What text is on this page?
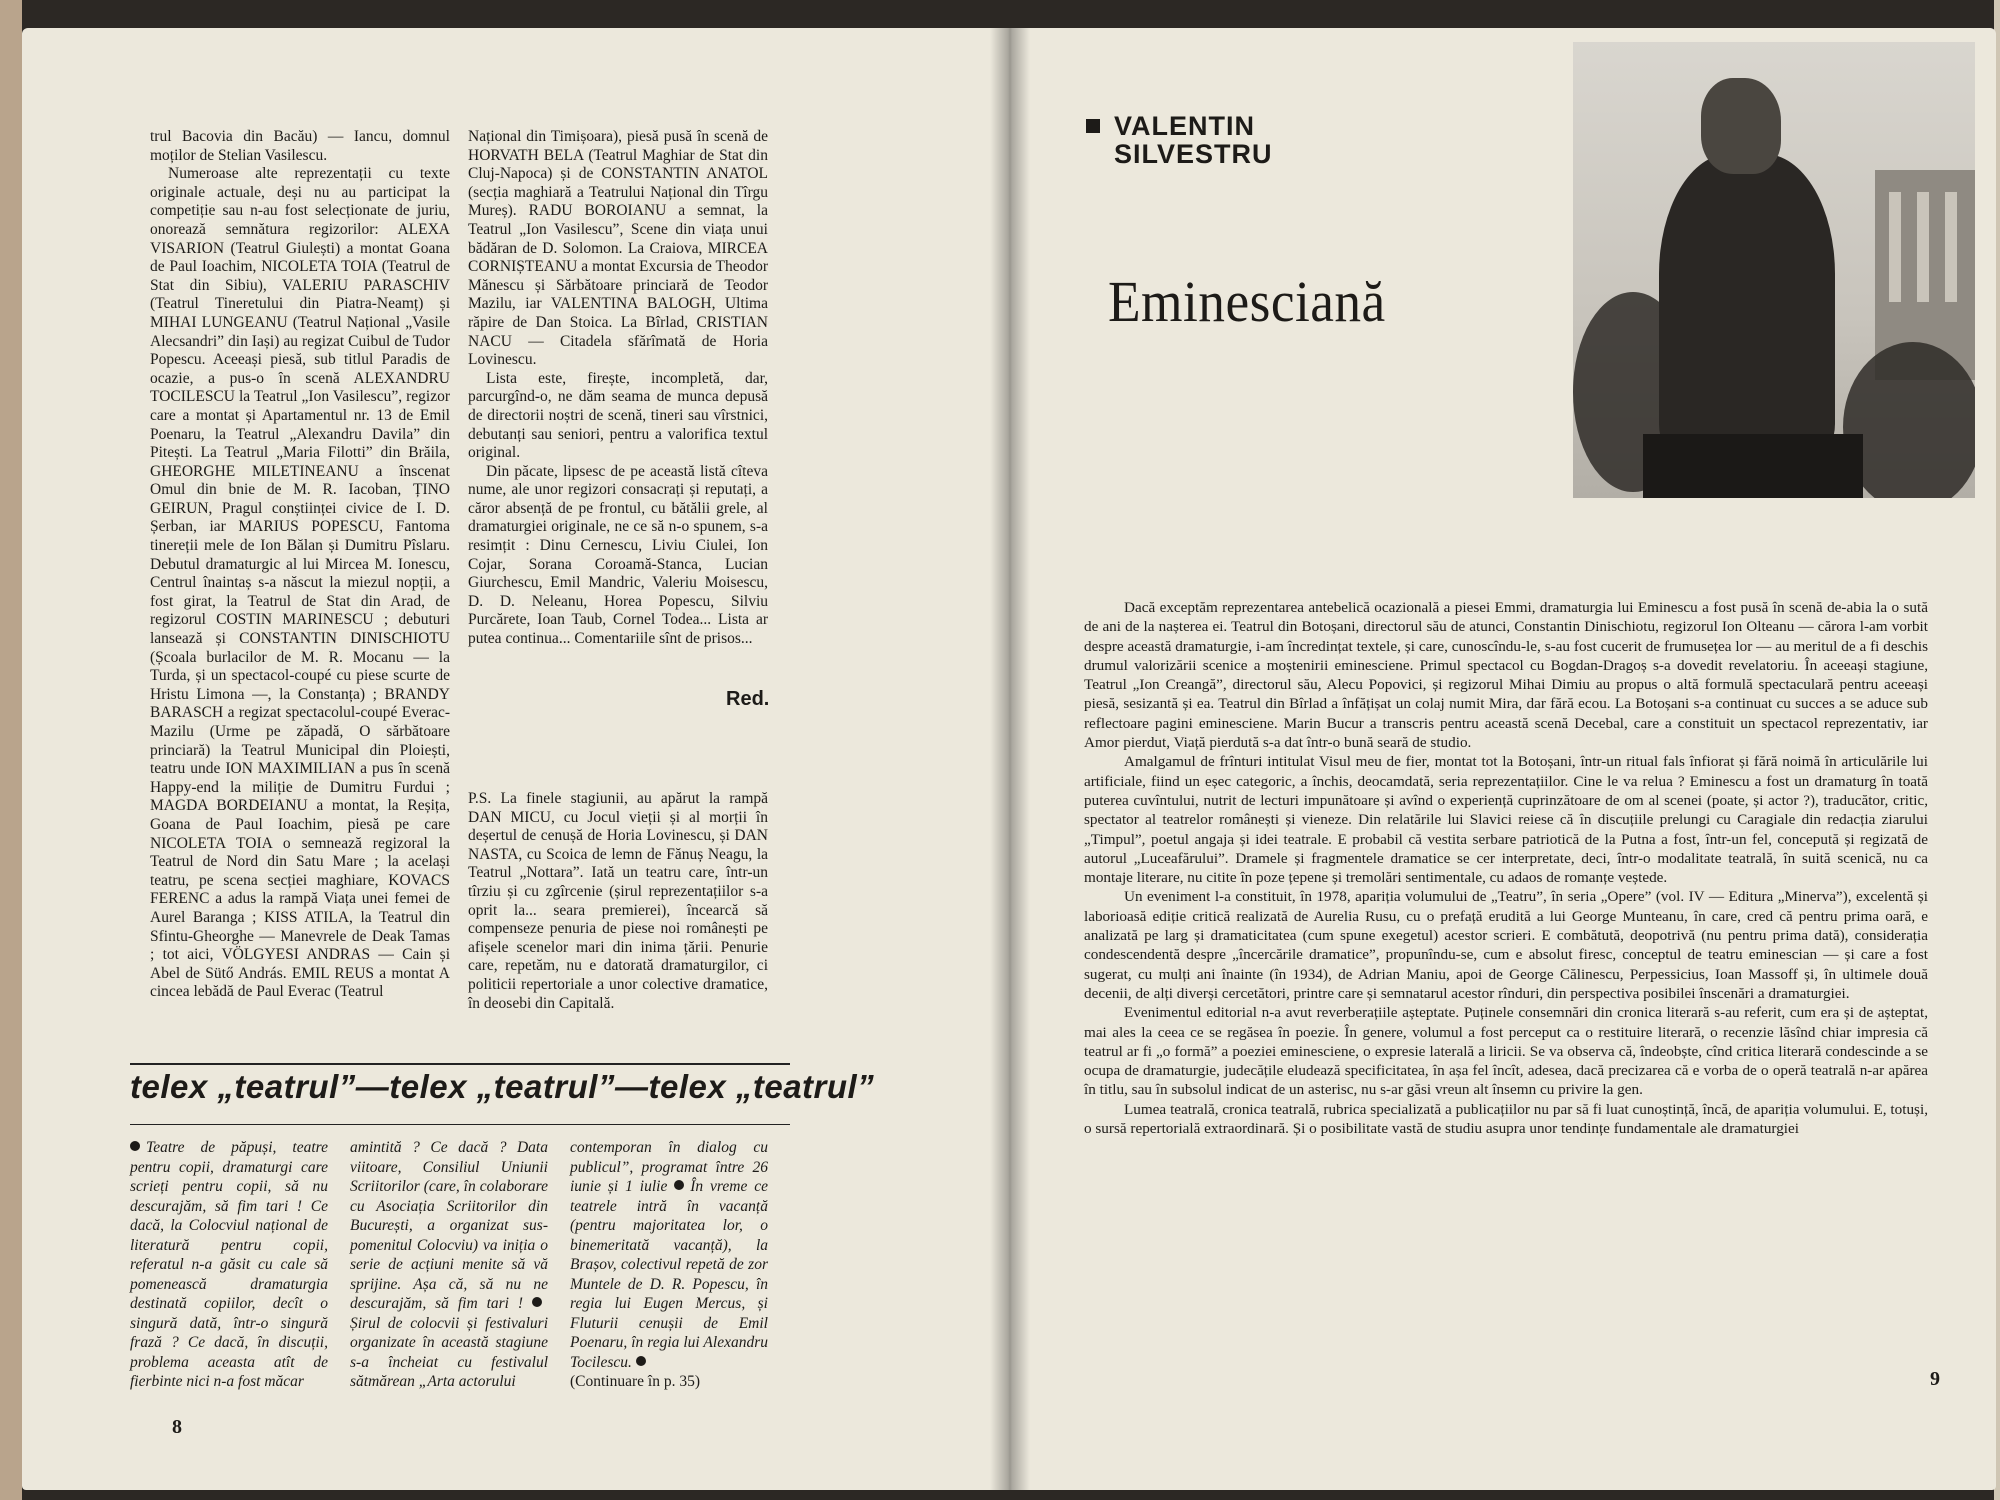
trul Bacovia din Bacău) — Iancu, domnul moților de Stelian Vasilescu.

Numeroase alte reprezentații cu texte originale actuale, deși nu au participat la competiție sau n-au fost selecționate de juriu, onorează semnătura regizorilor: ALEXA VISARION (Teatrul Giulești) a montat Goana de Paul Ioachim, NICOLETA TOIA (Teatrul de Stat din Sibiu), VALERIU PARASCHIV (Teatrul Tineretului din Piatra-Neamț) și MIHAI LUNGEANU (Teatrul Național „Vasile Alecsandri” din Iași) au regizat Cuibul de Tudor Popescu. Aceeași piesă, sub titlul Paradis de ocazie, a pus-o în scenă ALEXANDRU TOCILESCU la Teatrul „Ion Vasilescu”, regizor care a montat și Apartamentul nr. 13 de Emil Poenaru, la Teatrul „Alexandru Davila” din Pitești. La Teatrul „Maria Filotti” din Brăila, GHEORGHE MILETINEANU a înscenat Omul din bnie de M. R. Iacoban, ȚINO GEIRUN, Pragul conștiinței civice de I. D. Șerban, iar MARIUS POPESCU, Fantoma tinereții mele de Ion Bălan și Dumitru Pîslaru. Debutul dramaturgic al lui Mircea M. Ionescu, Centrul înaintaș s-a născut la miezul nopții, a fost girat, la Teatrul de Stat din Arad, de regizorul COSTIN MARINESCU ; debuturi lansează și CONSTANTIN DINISCHIOTU (Școala burlacilor de M. R. Mocanu — la Turda, și un spectacol-coupé cu piese scurte de Hristu Limona —, la Constanța) ; BRANDY BARASCH a regizat spectacolul-coupé Everac-Mazilu (Urme pe zăpadă, O sărbătoare princiară) la Teatrul Municipal din Ploiești, teatru unde ION MAXIMILIAN a pus în scenă Happy-end la miliție de Dumitru Furdui ; MAGDA BORDEIANU a montat, la Reșița, Goana de Paul Ioachim, piesă pe care NICOLETA TOIA o semnează regizoral la Teatrul de Nord din Satu Mare ; la același teatru, pe scena secției maghiare, KOVACS FERENC a adus la rampă Viața unei femei de Aurel Baranga ; KISS ATILA, la Teatrul din Sfintu-Gheorghe — Manevrele de Deak Tamas ; tot aici, VÖLGYESI ANDRAS — Cain și Abel de Sütő András. EMIL REUS a montat A cincea lebădă de Paul Everac (Teatrul

Național din Timișoara), piesă pusă în scenă de HORVATH BELA (Teatrul Maghiar de Stat din Cluj-Napoca) și de CONSTANTIN ANATOL (secția maghiară a Teatrului Național din Tîrgu Mureș). RADU BOROIANU a semnat, la Teatrul „Ion Vasilescu”, Scene din viața unui bădăran de D. Solomon. La Craiova, MIRCEA CORNIȘTEANU a montat Excursia de Theodor Mănescu și Sărbătoare princiară de Teodor Mazilu, iar VALENTINA BALOGH, Ultima răpire de Dan Stoica. La Bîrlad, CRISTIAN NACU — Citadela sfărîmată de Horia Lovinescu.

Lista este, firește, incompletă, dar, parcurgînd-o, ne dăm seama de munca depusă de directorii noștri de scenă, tineri sau vîrstnici, debutanți sau seniori, pentru a valorifica textul original.

Din păcate, lipsesc de pe această listă cîteva nume, ale unor regizori consacrați și reputați, a căror absență de pe frontul, cu bătălii grele, al dramaturgiei originale, ne ce să n-o spunem, s-a resimțit : Dinu Cernescu, Liviu Ciulei, Ion Cojar, Sorana Coroamă-Stanca, Lucian Giurchescu, Emil Mandric, Valeriu Moisescu, D. D. Neleanu, Horea Popescu, Silviu Purcărete, Ioan Taub, Cornel Todea... Lista ar putea continua... Comentariile sînt de prisos...

Red.

P.S. La finele stagiunii, au apărut la rampă DAN MICU, cu Jocul vieții și al morții în deșertul de cenușă de Horia Lovinescu, și DAN NASTA, cu Scoica de lemn de Fănuș Neagu, la Teatrul „Nottara”. Iată un teatru care, într-un tîrziu și cu zgîrcenie (șirul reprezentațiilor s-a oprit la... seara premierei), încearcă să compenseze penuria de piese noi românești pe afișele scenelor mari din inima țării. Penurie care, repetăm, nu e datorată dramaturgilor, ci politicii repertoriale a unor colective dramatice, în deosebi din Capitală.

telex „teatrul”—telex „teatrul”—telex „teatrul”
Teatre de păpuși, teatre pentru copii, dramaturgi care scrieți pentru copii, să nu descurajăm, să fim tari ! Ce dacă, la Colocviul național de literatură pentru copii, referatul n-a găsit cu cale să pomenească dramaturgia destinată copiilor, decît o singură dată, într-o singură frază ? Ce dacă, în discuții, problema aceasta atît de fierbinte nici n-a fost măcar
amintită ? Ce dacă ? Data viitoare, Consiliul Uniunii Scriitorilor (care, în colaborare cu Asociația Scriitorilor din București, a organizat sus-pomenitul Colocviu) va iniția o serie de acțiuni menite să vă sprijine. Așa că, să nu ne descurajăm, să fim tari ! Șirul de colocvii și festivaluri organizate în această stagiune s-a încheiat cu festivalul sătmărean „Arta actorului
contemporan în dialog cu publicul”, programat între 26 iunie și 1 iulie În vreme ce teatrele intră în vacanță (pentru majoritatea lor, o binemeritată vacanță), la Brașov, colectivul repetă de zor Muntele de D. R. Popescu, în regia lui Eugen Mercus, și Fluturii cenușii de Emil Poenaru, în regia lui Alexandru Tocilescu.
(Continuare în p. 35)
8
VALENTIN
SILVESTRU
Eminesciană

Dacă exceptăm reprezentarea antebelică ocazională a piesei Emmi, dramaturgia lui Eminescu a fost pusă în scenă de-abia la o sută de ani de la nașterea ei. Teatrul din Botoșani, directorul său de atunci, Constantin Dinischiotu, regizorul Ion Olteanu — cărora l-am vorbit despre această dramaturgie, i-am încredințat textele, și care, cunoscîndu-le, s-au fost cucerit de frumusețea lor — au meritul de a fi deschis drumul valorizării scenice a moștenirii eminesciene. Primul spectacol cu Bogdan-Dragoș s-a dovedit revelatoriu. În aceeași stagiune, Teatrul „Ion Creangă”, directorul său, Alecu Popovici, și regizorul Mihai Dimiu au propus o altă formulă spectaculară pentru aceeași piesă, sesizantă și ea. Teatrul din Bîrlad a înfățișat un colaj numit Mira, dar fără ecou. La Botoșani s-a continuat cu succes a se aduce sub reflectoare pagini eminesciene. Marin Bucur a transcris pentru această scenă Decebal, care a constituit un spectacol reprezentativ, iar Amor pierdut, Viață pierdută s-a dat într-o bună seară de studio.

Amalgamul de frînturi intitulat Visul meu de fier, montat tot la Botoșani, într-un ritual fals înfiorat și fără noimă în articulările lui artificiale, fiind un eșec categoric, a închis, deocamdată, seria reprezentațiilor. Cine le va relua ? Eminescu a fost un dramaturg în toată puterea cuvîntului, nutrit de lecturi impunătoare și avînd o experiență cuprinzătoare de om al scenei (poate, și actor ?), traducător, critic, spectator al teatrelor românești și vieneze. Din relatările lui Slavici reiese că în discuțiile prelungi cu Caragiale din redacția ziarului „Timpul”, poetul angaja și idei teatrale. E probabil că vestita serbare patriotică de la Putna a fost, într-un fel, concepută și regizată de autorul „Luceafărului”. Dramele și fragmentele dramatice se cer interpretate, deci, într-o modalitate teatrală, în suită scenică, nu ca montaje literare, nu citite în poze țepene și tremolări sentimentale, cu adaos de romanțe veștede.

Un eveniment l-a constituit, în 1978, apariția volumului de „Teatru”, în seria „Opere” (vol. IV — Editura „Minerva”), excelentă și laborioasă ediție critică realizată de Aurelia Rusu, cu o prefață erudită a lui George Munteanu, în care, cred că pentru prima oară, e analizată pe larg și dramaticitatea (cum spune exegetul) acestor scrieri. E combătută, deopotrivă (nu pentru prima dată), considerația condescendentă despre „încercările dramatice”, propunîndu-se, cum e absolut firesc, conceptul de teatru eminescian — și care a fost sugerat, cu mulți ani înainte (în 1934), de Adrian Maniu, apoi de George Călinescu, Perpessicius, Ioan Massoff și, în ultimele două decenii, de alți diverși cercetători, printre care și semnatarul acestor rînduri, din perspectiva posibilei înscenări a dramaturgiei.

Evenimentul editorial n-a avut reverberațiile așteptate. Puținele consemnări din cronica literară s-au referit, cum era și de așteptat, mai ales la ceea ce se regăsea în poezie. În genere, volumul a fost perceput ca o restituire literară, o recenzie lăsînd chiar impresia că teatrul ar fi „o formă” a poeziei eminesciene, o expresie laterală a liricii. Se va observa că, îndeobște, cînd critica literară condescinde a se ocupa de dramaturgie, judecățile eludează specificitatea, în așa fel încît, adesea, dacă precizarea că e vorba de o operă teatrală n-ar apărea în titlu, sau în subsolul indicat de un asterisc, nu s-ar găsi vreun alt însemn cu privire la gen.

Lumea teatrală, cronica teatrală, rubrica specializată a publicațiilor nu par să fi luat cunoștință, încă, de apariția volumului. E, totuși, o sursă repertorială extraordinară. Și o posibilitate vastă de studiu asupra unor tendințe fundamentale ale dramaturgiei

9
